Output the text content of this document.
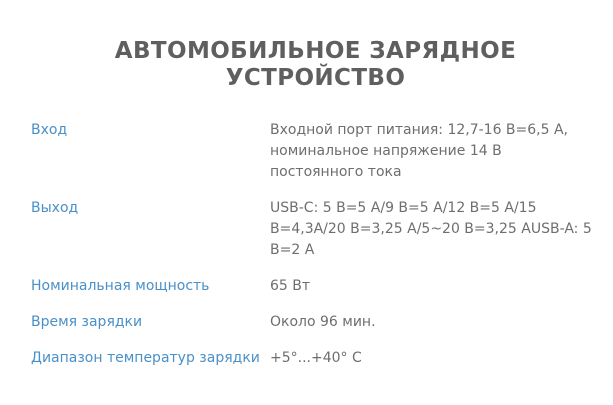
АВТОМОБИЛЬНОЕ ЗАРЯДНОЕ
УСТРОЙСТВО
Вход	Входной порт питания: 12,7-16 В=6,5 А,
номинальное напряжение 14 В
постоянного тока
Выход	USB-C: 5 В=5 А/9 В=5 А/12 В=5 А/15
В=4,3А/20 В=3,25 А/5~20 В=3,25 AUSB-A: 5
В=2 А
Номинальная мощность	65 Вт
Время зарядки	Около 96 мин.
Диапазон температур зарядки +5°...+40° С
